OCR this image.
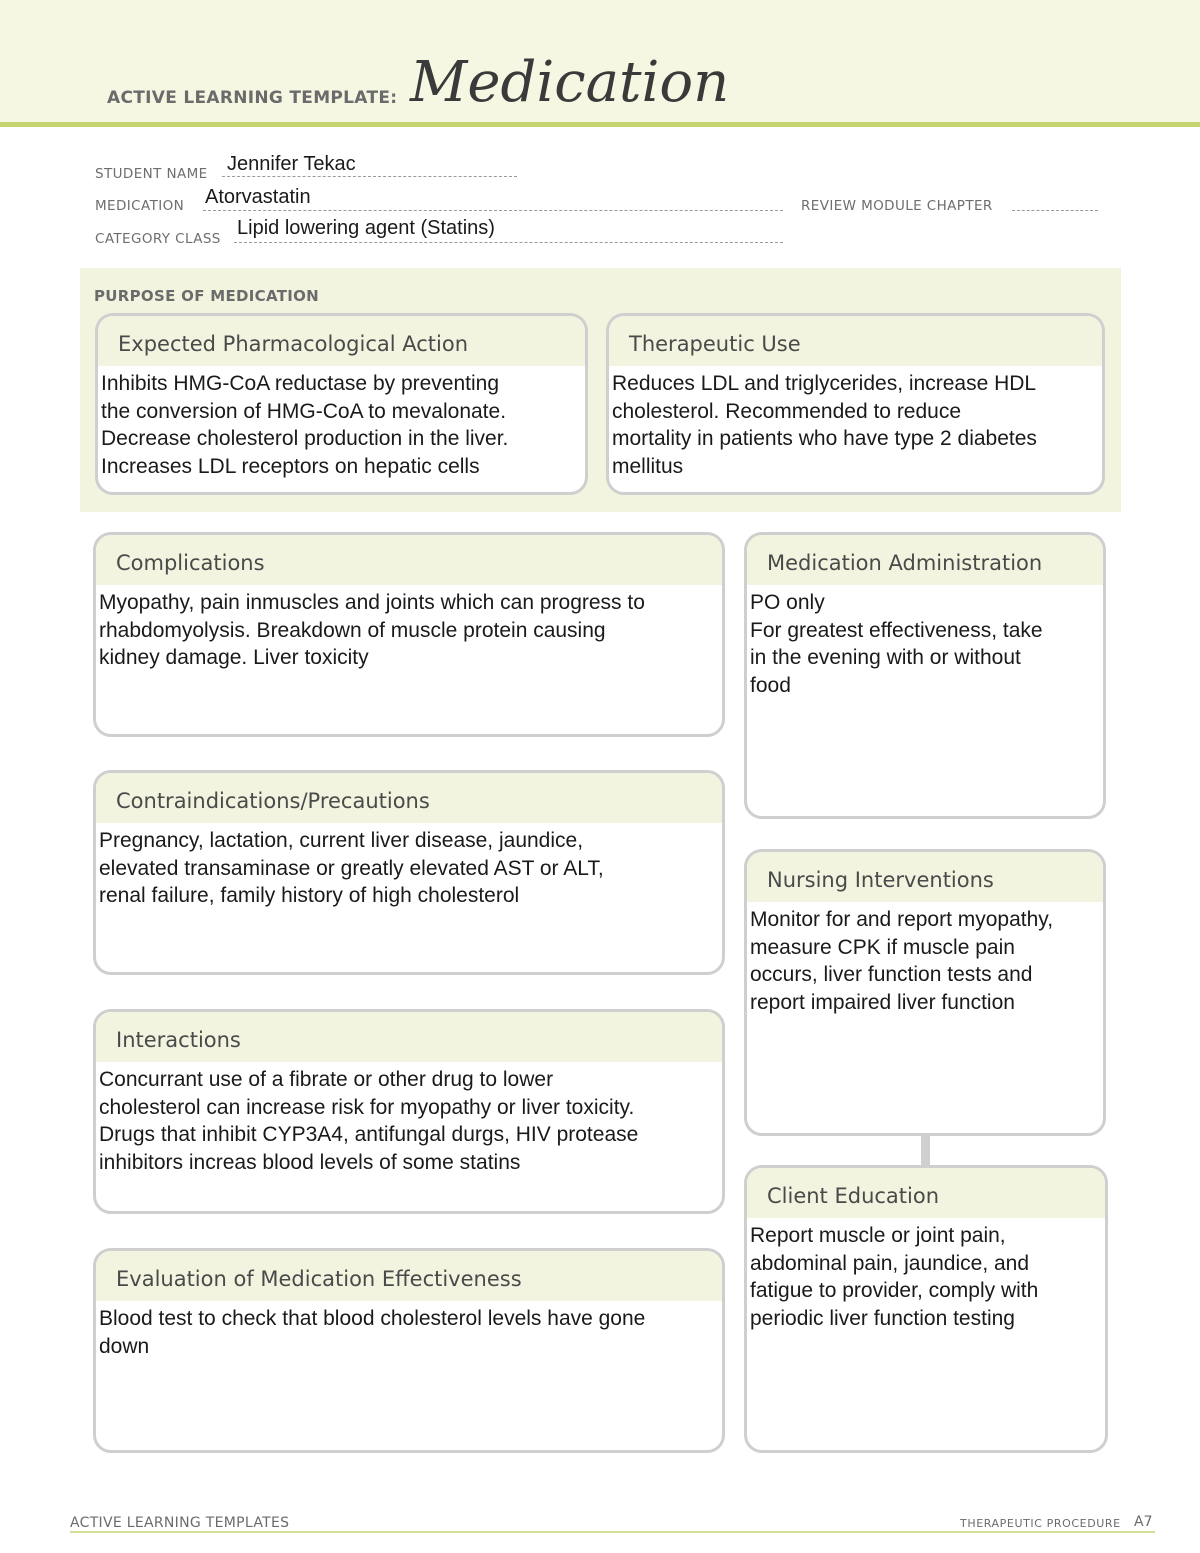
ACTIVE LEARNING TEMPLATE: Medication
STUDENT NAME Jennifer Tekac
MEDICATION Atorvastatin	REVIEW MODULE CHAPTER
CATEGORY CLASS Lipid lowering agent (Statins)
PURPOSE OF MEDICATION
Expected Pharmacological Action
Inhibits HMG-CoA reductase by preventing
the conversion of HMG-CoA to mevalonate.
Decrease cholesterol production in the liver.
Increases LDL receptors on hepatic cells
Therapeutic Use
Reduces LDL and triglycerides, increase HDL
cholesterol. Recommended to reduce
mortality in patients who have type 2 diabetes
mellitus
Complications
Myopathy, pain inmuscles and joints which can progress to
rhabdomyolysis. Breakdown of muscle protein causing
kidney damage. Liver toxicity
Contraindications/Precautions
Pregnancy, lactation, current liver disease, jaundice,
elevated transaminase or greatly elevated AST or ALT,
renal failure, family history of high cholesterol
Interactions
Concurrant use of a fibrate or other drug to lower
cholesterol can increase risk for myopathy or liver toxicity.
Drugs that inhibit CYP3A4, antifungal durgs, HIV protease
inhibitors increas blood levels of some statins
Evaluation of Medication Effectiveness
Blood test to check that blood cholesterol levels have gone
down
Medication Administration
PO only
For greatest effectiveness, take
in the evening with or without
food
Nursing Interventions
Monitor for and report myopathy,
measure CPK if muscle pain
occurs, liver function tests and
report impaired liver function
Client Education
Report muscle or joint pain,
abdominal pain, jaundice, and
fatigue to provider, comply with
periodic liver function testing
ACTIVE LEARNING TEMPLATES	THERAPEUTIC PROCEDURE A7
